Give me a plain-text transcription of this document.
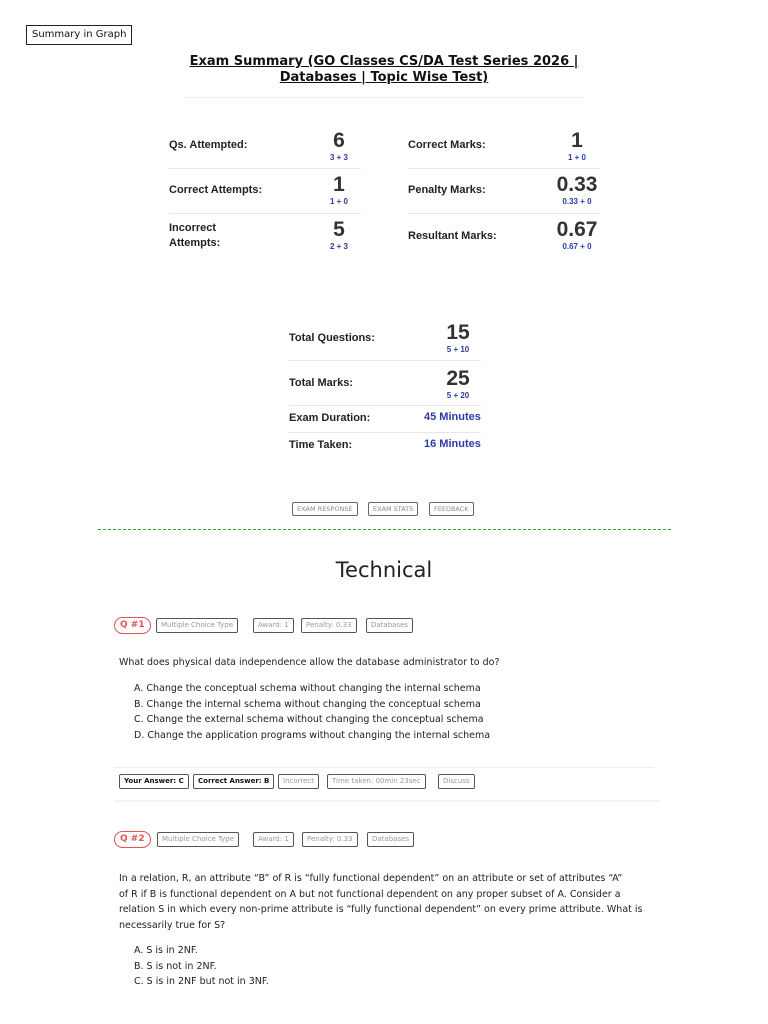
Summary in Graph
Exam Summary (GO Classes CS/DA Test Series 2026 |
Databases | Topic Wise Test)
Qs. Attempted:	6
3 + 3
Correct Attempts:	1
1 + 0
Incorrect
Attempts:
5
2 + 3
Correct Marks:	1
1 + 0
Penalty Marks:	0.33
0.33 + 0
Resultant Marks:	0.67
0.67 + 0
Total Questions:	15
5 + 10
Total Marks:	25
5 + 20
Exam Duration:	45 Minutes
Time Taken:	16 Minutes
EXAM RESPONSE	EXAM STATS	FEEDBACK
Technical
Q #1	Multiple Choice Type	Award: 1	Penalty: 0.33	Databases
What does physical data independence allow the database administrator to do?
A. Change the conceptual schema without changing the internal schema
B. Change the internal schema without changing the conceptual schema
C. Change the external schema without changing the conceptual schema
D. Change the application programs without changing the internal schema
Your Answer: C	Correct Answer: B	Incorrect	Time taken: 00min 23sec	Discuss
Q #2	Multiple Choice Type	Award: 1	Penalty: 0.33	Databases
In a relation, R, an attribute “B” of R is “fully functional dependent” on an attribute or set of attributes “A”
of R if B is functional dependent on A but not functional dependent on any proper subset of A. Consider a
relation S in which every non-prime attribute is “fully functional dependent” on every prime attribute. What is
necessarily true for S?
A. S is in 2NF.
B. S is not in 2NF.
C. S is in 2NF but not in 3NF.
